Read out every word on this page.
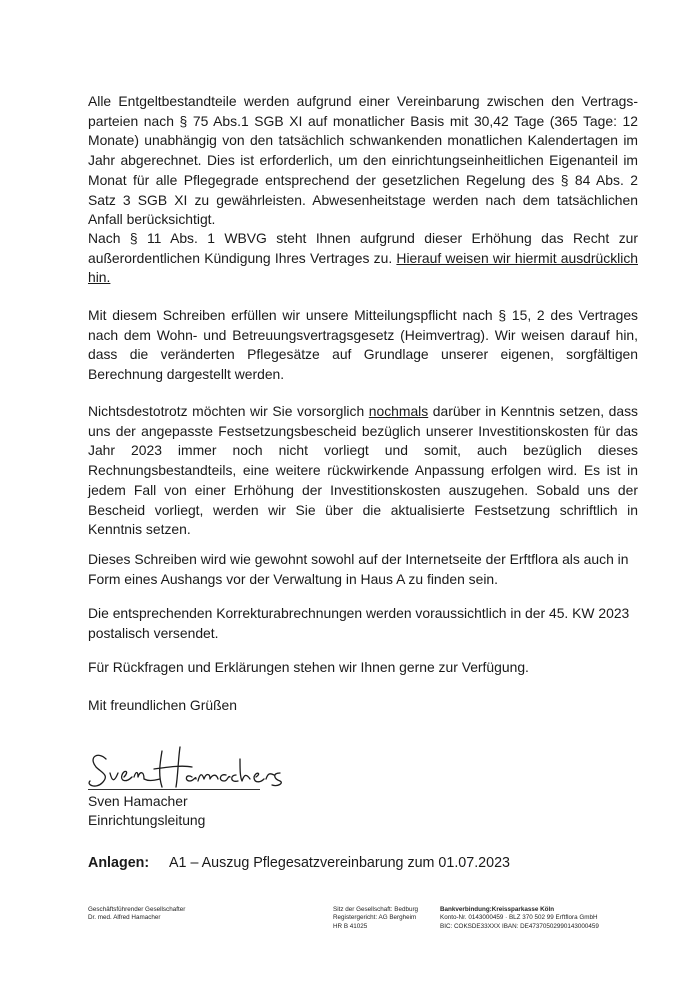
Alle Entgeltbestandteile werden aufgrund einer Vereinbarung zwischen den Vertragsparteien nach § 75 Abs.1 SGB XI auf monatlicher Basis mit 30,42 Tage (365 Tage: 12 Monate) unabhängig von den tatsächlich schwankenden monatlichen Kalendertagen im Jahr abgerechnet. Dies ist erforderlich, um den einrichtungseinheitlichen Eigenanteil im Monat für alle Pflegegrade entsprechend der gesetzlichen Regelung des § 84 Abs. 2 Satz 3 SGB XI zu gewährleisten. Abwesenheitstage werden nach dem tatsächlichen Anfall berücksichtigt.

Nach § 11 Abs. 1 WBVG steht Ihnen aufgrund dieser Erhöhung das Recht zur außerordentlichen Kündigung Ihres Vertrages zu. Hierauf weisen wir hiermit ausdrücklich hin.

Mit diesem Schreiben erfüllen wir unsere Mitteilungspflicht nach § 15, 2 des Vertrages nach dem Wohn- und Betreuungsvertragsgesetz (Heimvertrag). Wir weisen darauf hin, dass die veränderten Pflegesätze auf Grundlage unserer eigenen, sorgfältigen Berechnung dargestellt werden.

Nichtsdestotrotz möchten wir Sie vorsorglich nochmals darüber in Kenntnis setzen, dass uns der angepasste Festsetzungsbescheid bezüglich unserer Investitionskosten für das Jahr 2023 immer noch nicht vorliegt und somit, auch bezüglich dieses Rechnungsbestandteils, eine weitere rückwirkende Anpassung erfolgen wird. Es ist in jedem Fall von einer Erhöhung der Investitionskosten auszugehen. Sobald uns der Bescheid vorliegt, werden wir Sie über die aktualisierte Festsetzung schriftlich in Kenntnis setzen.

Dieses Schreiben wird wie gewohnt sowohl auf der Internetseite der Erftflora als auch in Form eines Aushangs vor der Verwaltung in Haus A zu finden sein.

Die entsprechenden Korrekturabrechnungen werden voraussichtlich in der 45. KW 2023 postalisch versendet.

Für Rückfragen und Erklärungen stehen wir Ihnen gerne zur Verfügung.

Mit freundlichen Grüßen

Sven Hamacher

Einrichtungsleitung

Anlagen: A1 – Auszug Pflegesatzvereinbarung zum 01.07.2023
Geschäftsführender Gesellschafter
Dr. med. Alfred Hamacher
Sitz der Gesellschaft: Bedburg
Registergericht: AG Bergheim
HR B 41025
Bankverbindung:Kreissparkasse Köln
Konto-Nr. 0143000459 · BLZ 370 502 99 Erftflora GmbH
BIC: COKSDE33XXX IBAN: DE47370502990143000459
